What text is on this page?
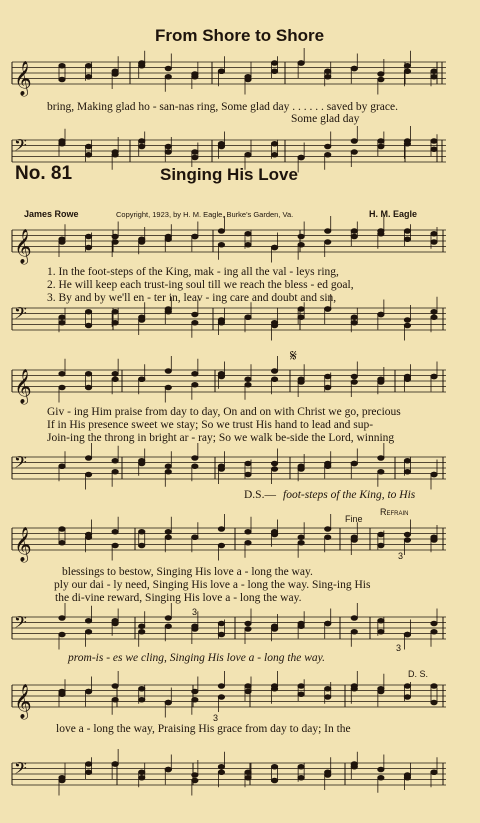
From Shore to Shore
𝄞
𝄢
𝄞
𝄢
𝄞
𝄢
𝄞
𝄢
𝄞
𝄢
bring, Making glad ho - san-nas ring, Some glad day . . . . . . saved by grace.
Some glad day
No. 81	Singing His Love
James Rowe	Copyright, 1923, by H. M. Eagle, Burke's Garden, Va.	H. M. Eagle
1. In the foot-steps of the King, mak - ing all the val - leys ring,
2. He will keep each trust-ing soul till we reach the bless - ed goal,
3. By and by we'll en - ter in, leav - ing care and doubt and sin,
Giv - ing Him praise from day to day, On and on with Christ we go, precious
If in His presence sweet we stay; So we trust His hand to lead and sup-
Join-ing the throng in bright ar - ray; So we walk be-side the Lord, winning
D.S.— foot-steps of the King, to His
Fine
Refrain
blessings to bestow, Singing His love a - long the way.
ply our dai - ly need, Singing His love a - long the way. Sing-ing His
the di-vine reward, Singing His love a - long the way.
prom-is - es we cling, Singing His love a - long the way.
3
3
3
3
D. S.
𝄋
love a - long the way, Praising His grace from day to day; In the
